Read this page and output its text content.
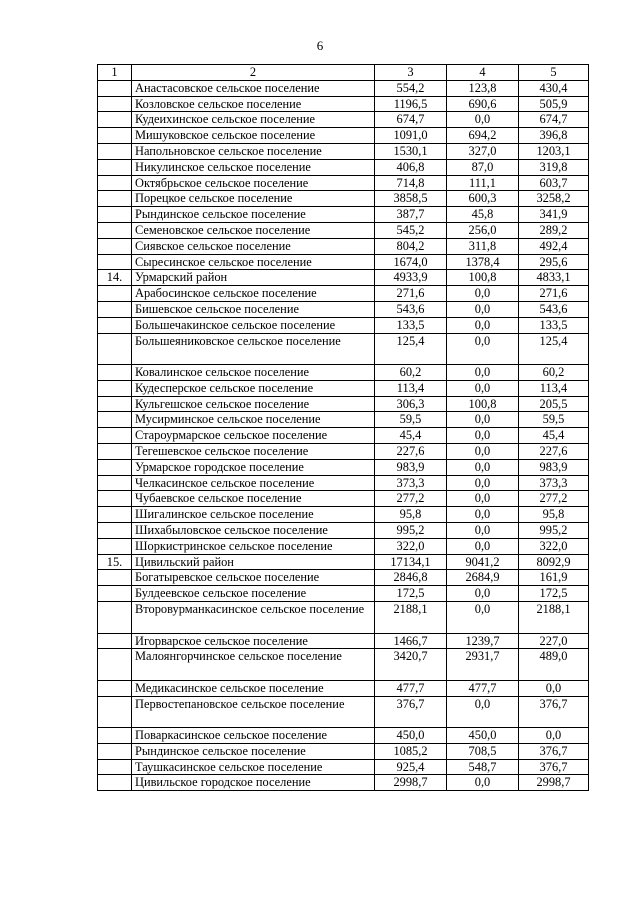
6
1	2	3	4	5
	Анастасовское сельское поселение	554,2	123,8	430,4
	Козловское сельское поселение	1196,5	690,6	505,9
	Кудеихинское сельское поселение	674,7	0,0	674,7
	Мишуковское сельское поселение	1091,0	694,2	396,8
	Напольновское сельское поселение	1530,1	327,0	1203,1
	Никулинское сельское поселение	406,8	87,0	319,8
	Октябрьское сельское поселение	714,8	111,1	603,7
	Порецкое сельское поселение	3858,5	600,3	3258,2
	Рындинское сельское поселение	387,7	45,8	341,9
	Семеновское сельское поселение	545,2	256,0	289,2
	Сиявское сельское поселение	804,2	311,8	492,4
	Сыресинское сельское поселение	1674,0	1378,4	295,6
14.	Урмарский район	4933,9	100,8	4833,1
	Арабосинское сельское поселение	271,6	0,0	271,6
	Бишевское сельское поселение	543,6	0,0	543,6
	Большечакинское сельское поселение	133,5	0,0	133,5
	Большеяниковское сельское поселение	125,4	0,0	125,4
	Ковалинское сельское поселение	60,2	0,0	60,2
	Кудесперское сельское поселение	113,4	0,0	113,4
	Кульгешское сельское поселение	306,3	100,8	205,5
	Мусирминское сельское поселение	59,5	0,0	59,5
	Староурмарское сельское поселение	45,4	0,0	45,4
	Тегешевское сельское поселение	227,6	0,0	227,6
	Урмарское городское поселение	983,9	0,0	983,9
	Челкасинское сельское поселение	373,3	0,0	373,3
	Чубаевское сельское поселение	277,2	0,0	277,2
	Шигалинское сельское поселение	95,8	0,0	95,8
	Шихабыловское сельское поселение	995,2	0,0	995,2
	Шоркистринское сельское поселение	322,0	0,0	322,0
15.	Цивильский район	17134,1	9041,2	8092,9
	Богатыревское сельское поселение	2846,8	2684,9	161,9
	Булдеевское сельское поселение	172,5	0,0	172,5
	Второвурманкасинское сельское поселение	2188,1	0,0	2188,1
	Игорварское сельское поселение	1466,7	1239,7	227,0
	Малоянгорчинское сельское поселение	3420,7	2931,7	489,0
	Медикасинское сельское поселение	477,7	477,7	0,0
	Первостепановское сельское поселение	376,7	0,0	376,7
	Поваркасинское сельское поселение	450,0	450,0	0,0
	Рындинское сельское поселение	1085,2	708,5	376,7
	Таушкасинское сельское поселение	925,4	548,7	376,7
	Цивильское городское поселение	2998,7	0,0	2998,7
